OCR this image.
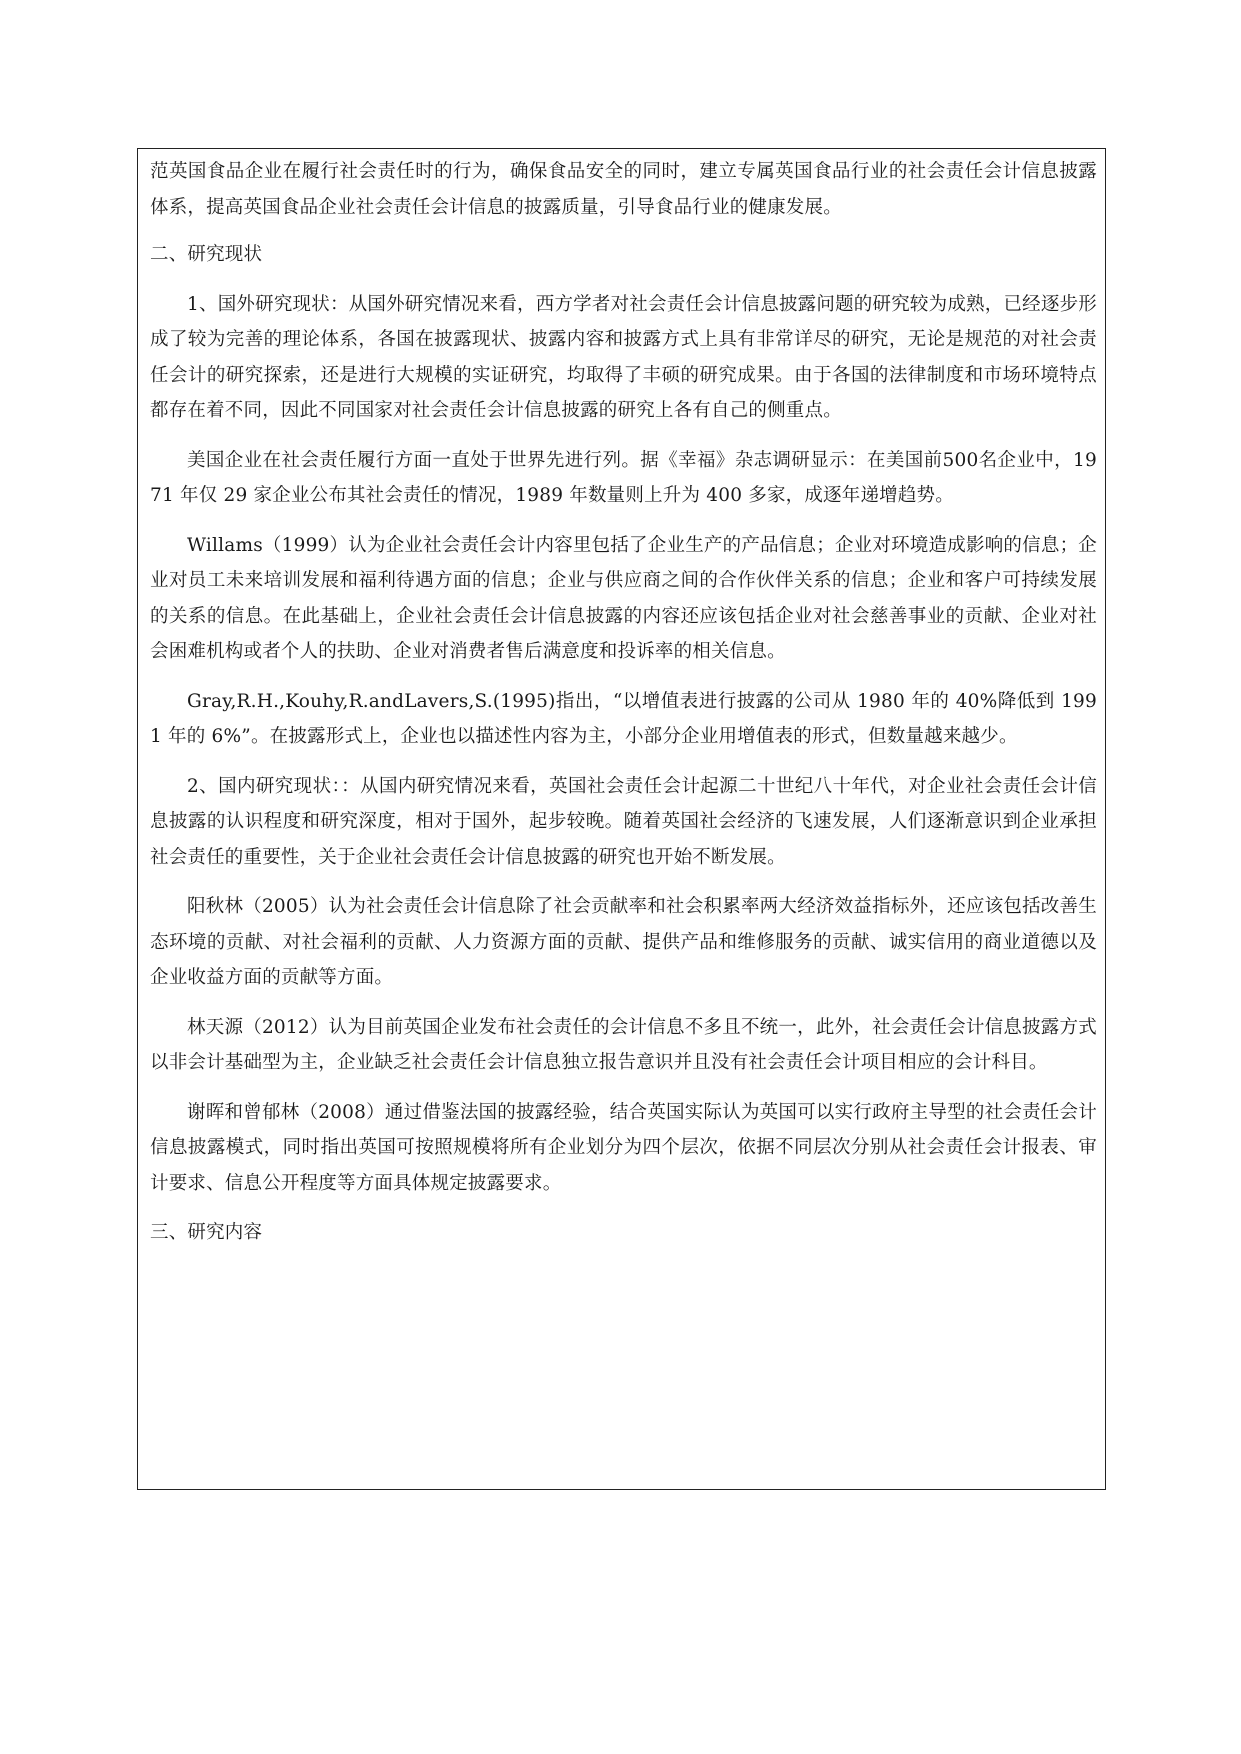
范英国食品企业在履行社会责任时的行为，确保食品安全的同时，建立专属英国食品行业的社会责任会计信息披露体系，提高英国食品企业社会责任会计信息的披露质量，引导食品行业的健康发展。

二、研究现状

1、国外研究现状：从国外研究情况来看，西方学者对社会责任会计信息披露问题的研究较为成熟，已经逐步形成了较为完善的理论体系，各国在披露现状、披露内容和披露方式上具有非常详尽的研究，无论是规范的对社会责任会计的研究探索，还是进行大规模的实证研究，均取得了丰硕的研究成果。由于各国的法律制度和市场环境特点都存在着不同，因此不同国家对社会责任会计信息披露的研究上各有自己的侧重点。

美国企业在社会责任履行方面一直处于世界先进行列。据《幸福》杂志调研显示：在美国前500名企业中，1971 年仅 29 家企业公布其社会责任的情况，1989 年数量则上升为 400 多家，成逐年递增趋势。

Willams（1999）认为企业社会责任会计内容里包括了企业生产的产品信息；企业对环境造成影响的信息；企业对员工未来培训发展和福利待遇方面的信息；企业与供应商之间的合作伙伴关系的信息；企业和客户可持续发展的关系的信息。在此基础上，企业社会责任会计信息披露的内容还应该包括企业对社会慈善事业的贡献、企业对社会困难机构或者个人的扶助、企业对消费者售后满意度和投诉率的相关信息。

Gray,R.H.,Kouhy,R.andLavers,S.(1995)指出，“以增值表进行披露的公司从 1980 年的 40%降低到 1991 年的 6%”。在披露形式上，企业也以描述性内容为主，小部分企业用增值表的形式，但数量越来越少。

2、国内研究现状：：从国内研究情况来看，英国社会责任会计起源二十世纪八十年代，对企业社会责任会计信息披露的认识程度和研究深度，相对于国外，起步较晚。随着英国社会经济的飞速发展，人们逐渐意识到企业承担社会责任的重要性，关于企业社会责任会计信息披露的研究也开始不断发展。

阳秋林（2005）认为社会责任会计信息除了社会贡献率和社会积累率两大经济效益指标外，还应该包括改善生态环境的贡献、对社会福利的贡献、人力资源方面的贡献、提供产品和维修服务的贡献、诚实信用的商业道德以及企业收益方面的贡献等方面。

林天源（2012）认为目前英国企业发布社会责任的会计信息不多且不统一，此外，社会责任会计信息披露方式以非会计基础型为主，企业缺乏社会责任会计信息独立报告意识并且没有社会责任会计项目相应的会计科目。

谢晖和曾郁林（2008）通过借鉴法国的披露经验，结合英国实际认为英国可以实行政府主导型的社会责任会计信息披露模式，同时指出英国可按照规模将所有企业划分为四个层次，依据不同层次分别从社会责任会计报表、审计要求、信息公开程度等方面具体规定披露要求。

三、研究内容
